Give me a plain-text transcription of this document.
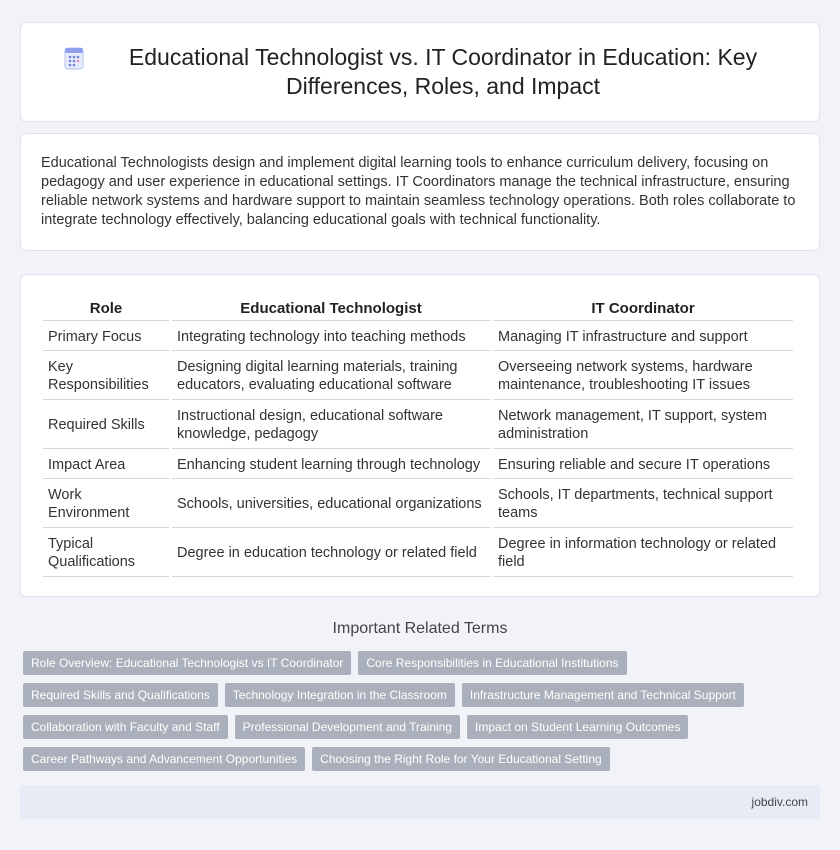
Educational Technologist vs. IT Coordinator in Education: Key Differences, Roles, and Impact

Educational Technologists design and implement digital learning tools to enhance curriculum delivery, focusing on pedagogy and user experience in educational settings. IT Coordinators manage the technical infrastructure, ensuring reliable network systems and hardware support to maintain seamless technology operations. Both roles collaborate to integrate technology effectively, balancing educational goals with technical functionality.

Role	Educational Technologist	IT Coordinator
Primary Focus	Integrating technology into teaching methods	Managing IT infrastructure and support
Key Responsibilities	Designing digital learning materials, training educators, evaluating educational software	Overseeing network systems, hardware maintenance, troubleshooting IT issues
Required Skills	Instructional design, educational software knowledge, pedagogy	Network management, IT support, system administration
Impact Area	Enhancing student learning through technology	Ensuring reliable and secure IT operations
Work Environment	Schools, universities, educational organizations	Schools, IT departments, technical support teams
Typical Qualifications	Degree in education technology or related field	Degree in information technology or related field
Important Related Terms
Role Overview: Educational Technologist vs IT Coordinator	Core Responsibilities in Educational Institutions
Required Skills and Qualifications	Technology Integration in the Classroom	Infrastructure Management and Technical Support
Collaboration with Faculty and Staff	Professional Development and Training	Impact on Student Learning Outcomes
Career Pathways and Advancement Opportunities	Choosing the Right Role for Your Educational Setting
jobdiv.com
